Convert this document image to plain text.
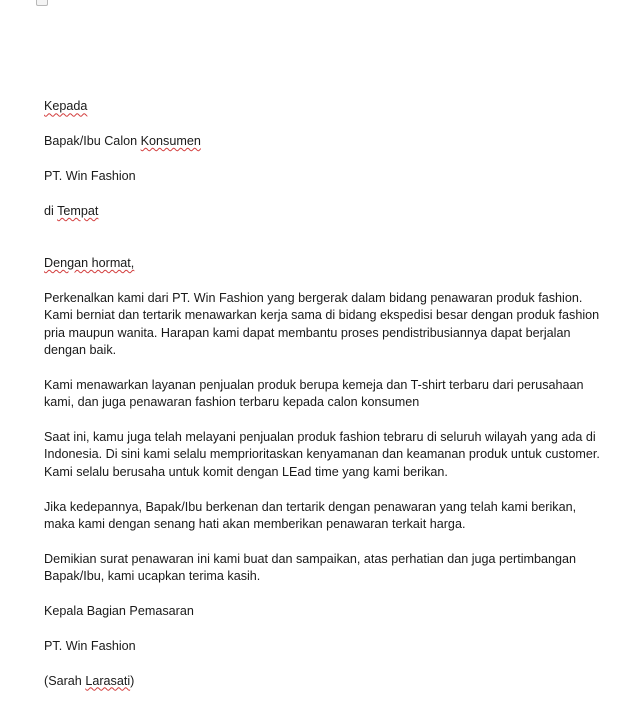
Kepada

Bapak/Ibu Calon Konsumen

PT. Win Fashion

di Tempat

Dengan hormat,

Perkenalkan kami dari PT. Win Fashion yang bergerak dalam bidang penawaran produk fashion. Kami berniat dan tertarik menawarkan kerja sama di bidang ekspedisi besar dengan produk fashion pria maupun wanita. Harapan kami dapat membantu proses pendistribusiannya dapat berjalan dengan baik.

Kami menawarkan layanan penjualan produk berupa kemeja dan T-shirt terbaru dari perusahaan kami, dan juga penawaran fashion terbaru kepada calon konsumen

Saat ini, kamu juga telah melayani penjualan produk fashion tebraru di seluruh wilayah yang ada di Indonesia. Di sini kami selalu memprioritaskan kenyamanan dan keamanan produk untuk customer. Kami selalu berusaha untuk komit dengan LEad time yang kami berikan.

Jika kedepannya, Bapak/Ibu berkenan dan tertarik dengan penawaran yang telah kami berikan, maka kami dengan senang hati akan memberikan penawaran terkait harga.

Demikian surat penawaran ini kami buat dan sampaikan, atas perhatian dan juga pertimbangan Bapak/Ibu, kami ucapkan terima kasih.

Kepala Bagian Pemasaran

PT. Win Fashion

(Sarah Larasati)
